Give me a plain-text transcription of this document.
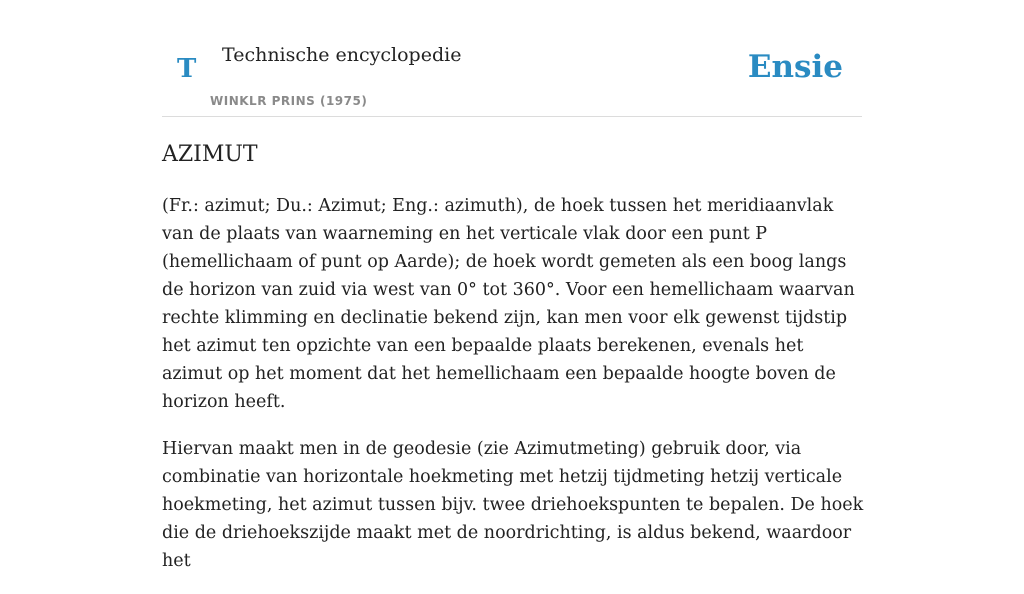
T Technische encyclopedie
WINKLR PRINS (1975)
Ensie
AZIMUT

(Fr.: azimut; Du.: Azimut; Eng.: azimuth), de hoek tussen het meridiaanvlak van de plaats van waarneming en het verticale vlak door een punt P (hemellichaam of punt op Aarde); de hoek wordt gemeten als een boog langs de horizon van zuid via west van 0° tot 360°. Voor een hemellichaam waarvan rechte klimming en declinatie bekend zijn, kan men voor elk gewenst tijdstip het azimut ten opzichte van een bepaalde plaats berekenen, evenals het azimut op het moment dat het hemellichaam een bepaalde hoogte boven de horizon heeft.

Hiervan maakt men in de geodesie (zie Azimutmeting) gebruik door, via combinatie van horizontale hoekmeting met hetzij tijdmeting hetzij verticale hoekmeting, het azimut tussen bijv. twee driehoekspunten te bepalen. De hoek die de driehoekszijde maakt met de noordrichting, is aldus bekend, waardoor het
